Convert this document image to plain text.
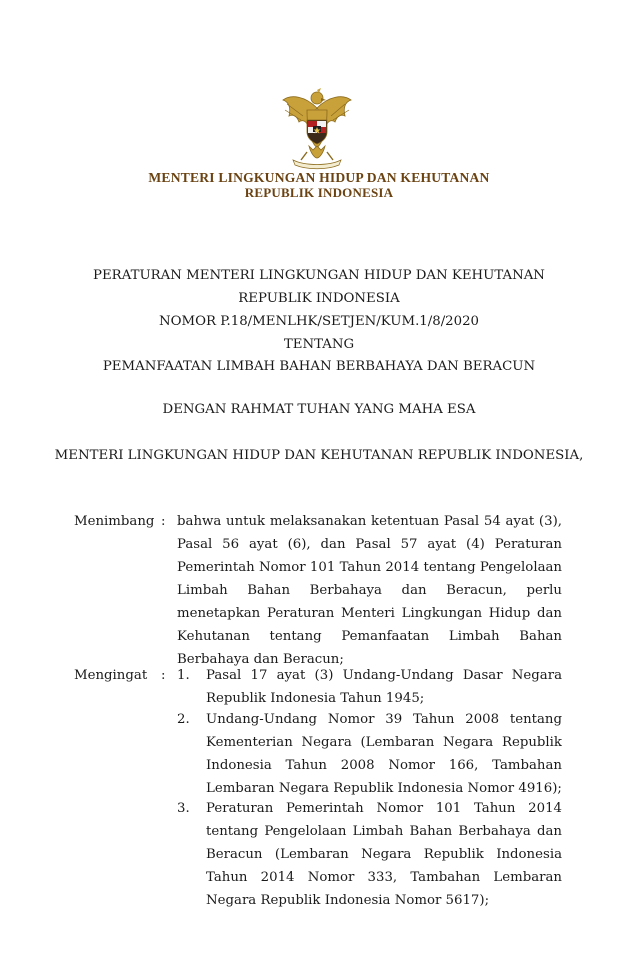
MENTERI LINGKUNGAN HIDUP DAN KEHUTANAN
REPUBLIK INDONESIA
PERATURAN MENTERI LINGKUNGAN HIDUP DAN KEHUTANAN
REPUBLIK INDONESIA
NOMOR P.18/MENLHK/SETJEN/KUM.1/8/2020
TENTANG
PEMANFAATAN LIMBAH BAHAN BERBAHAYA DAN BERACUN
DENGAN RAHMAT TUHAN YANG MAHA ESA
MENTERI LINGKUNGAN HIDUP DAN KEHUTANAN REPUBLIK INDONESIA,
Menimbang : bahwa untuk melaksanakan ketentuan Pasal 54 ayat (3), Pasal 56 ayat (6), dan Pasal 57 ayat (4) Peraturan Pemerintah Nomor 101 Tahun 2014 tentang Pengelolaan Limbah Bahan Berbahaya dan Beracun, perlu menetapkan Peraturan Menteri Lingkungan Hidup dan Kehutanan tentang Pemanfaatan Limbah Bahan Berbahaya dan Beracun;

Mengingat	: 1. Pasal 17 ayat (3) Undang-Undang Dasar Negara Republik Indonesia Tahun 1945;

2. Undang-Undang Nomor 39 Tahun 2008 tentang Kementerian Negara (Lembaran Negara Republik Indonesia Tahun 2008 Nomor 166, Tambahan Lembaran Negara Republik Indonesia Nomor 4916);

3. Peraturan Pemerintah Nomor 101 Tahun 2014 tentang Pengelolaan Limbah Bahan Berbahaya dan Beracun (Lembaran Negara Republik Indonesia Tahun 2014 Nomor 333, Tambahan Lembaran Negara Republik Indonesia Nomor 5617);
